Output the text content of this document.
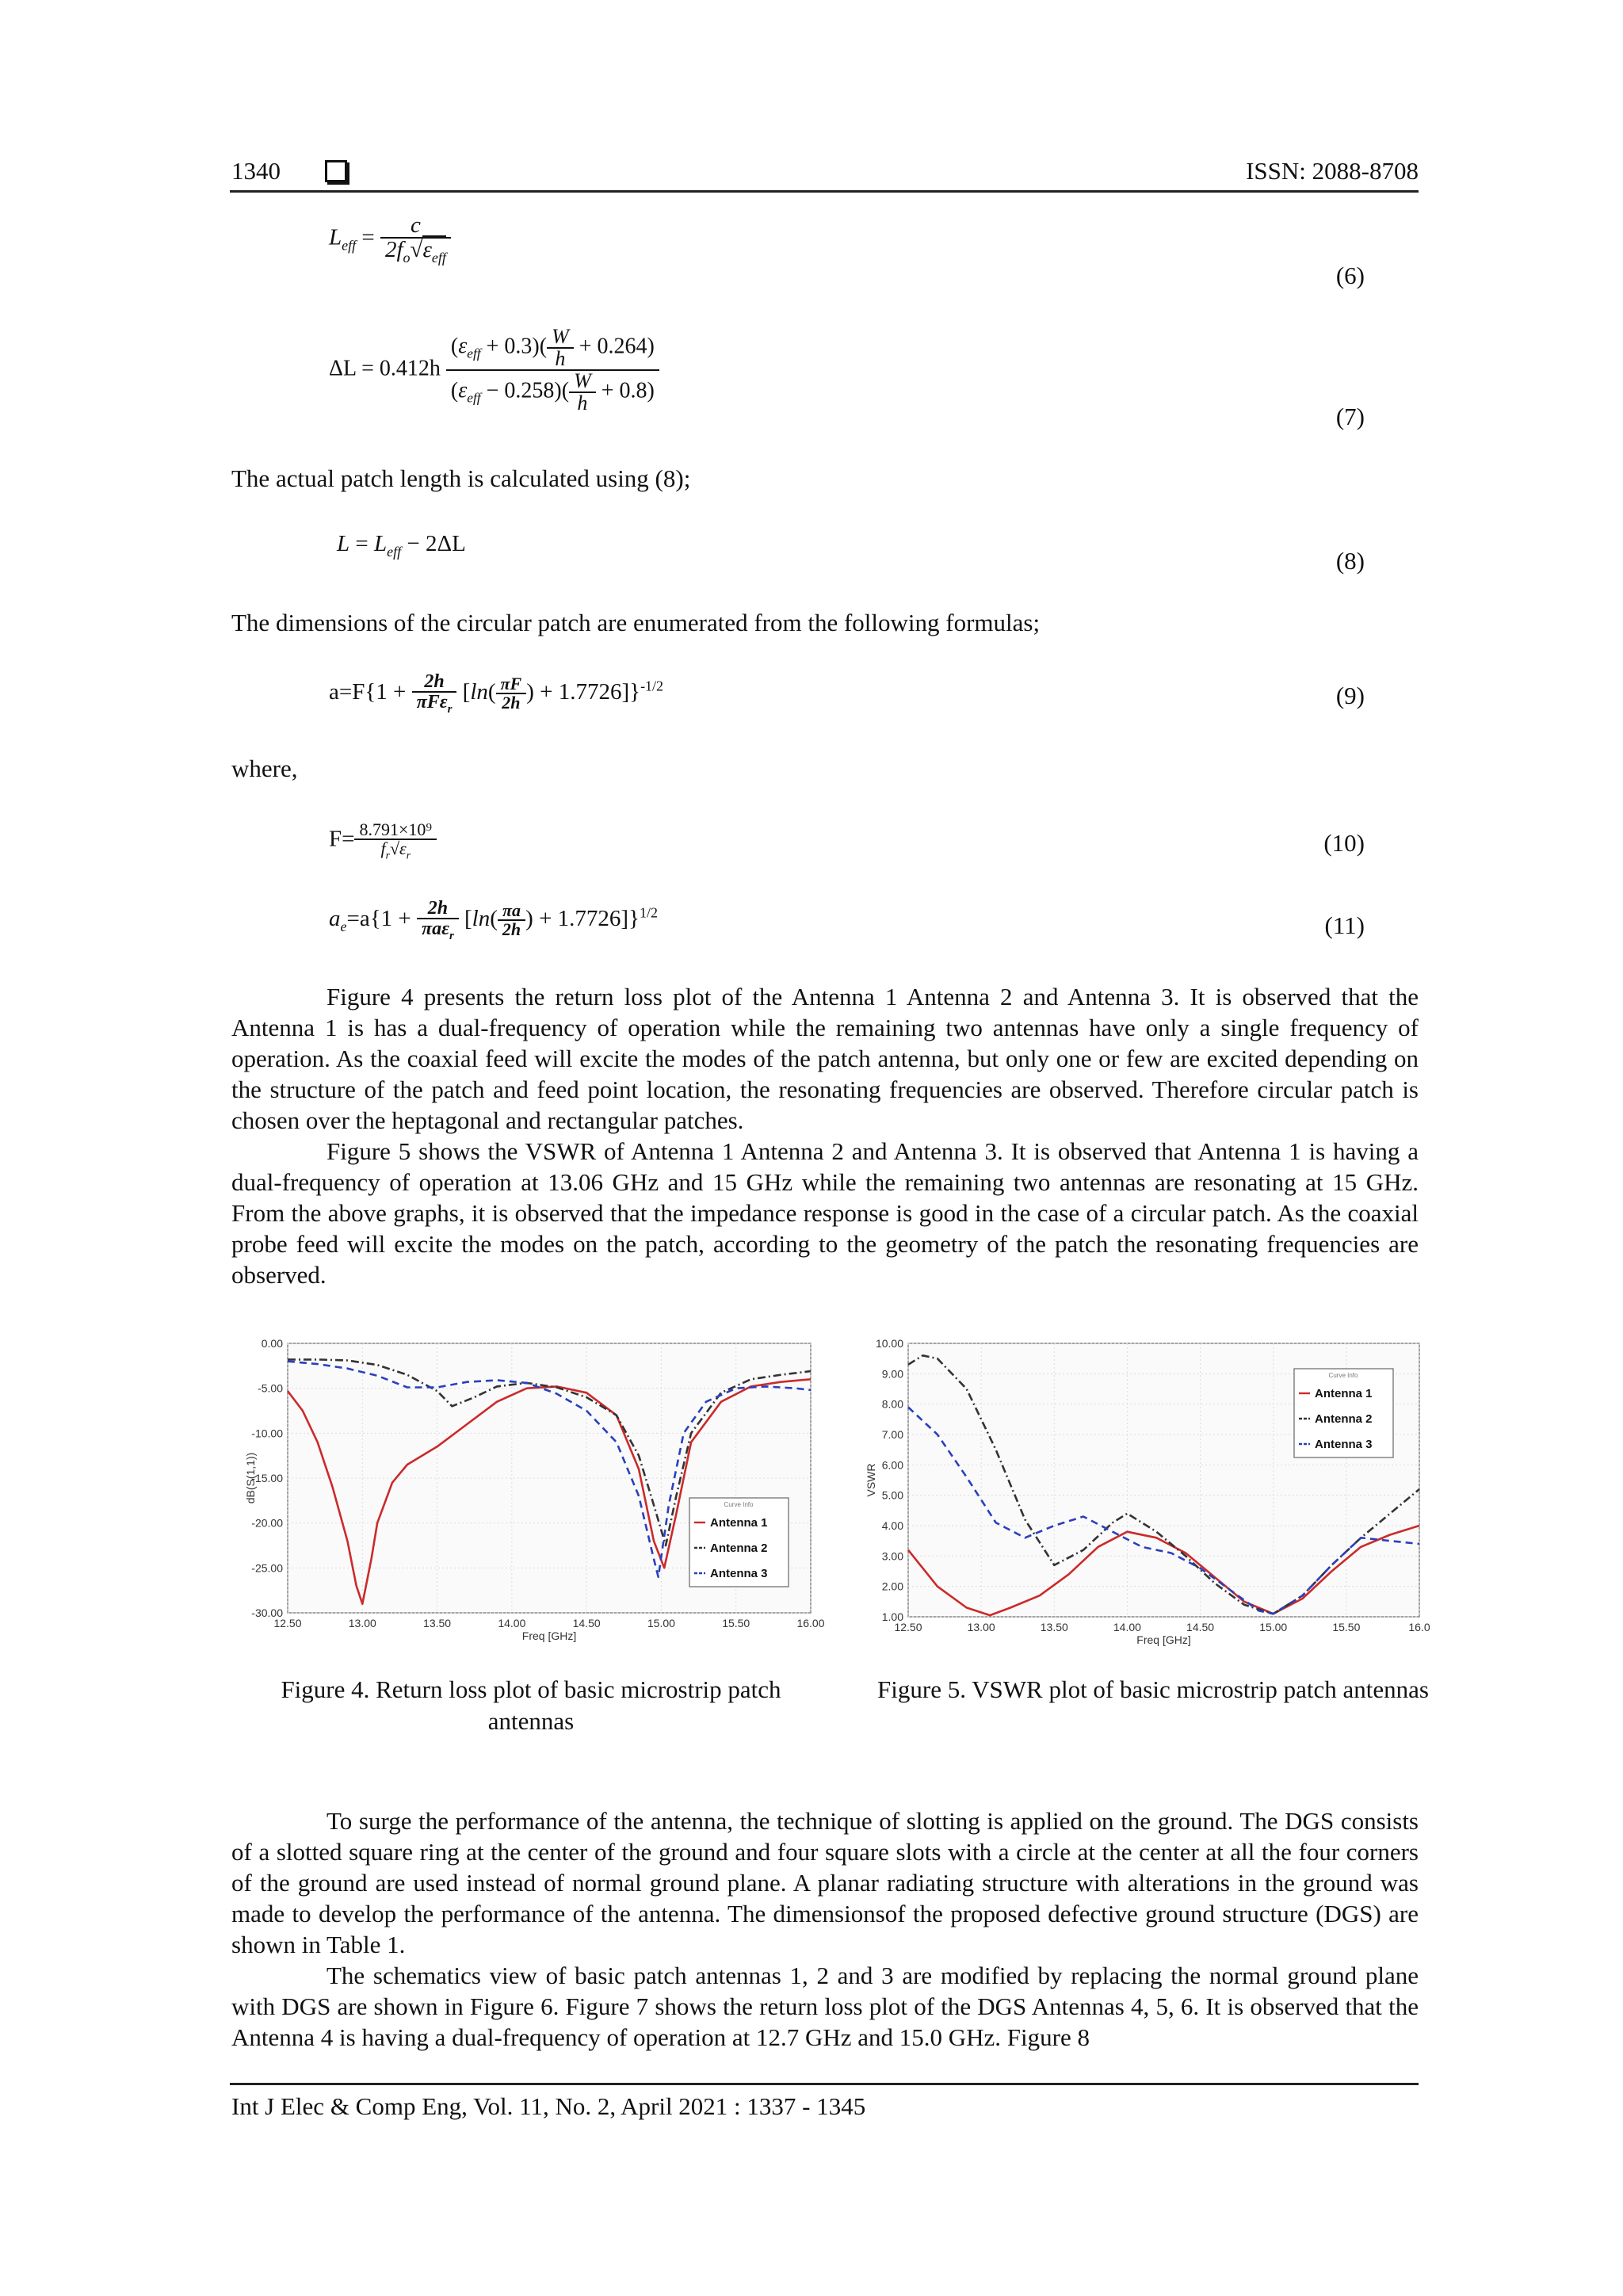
1340	ISSN: 2088-8708
$L_{eff} = \frac{c}{2f_o√\varepsilon_{eff}}$
(6)
$\Delta L = 0.412h \frac{(\varepsilon_{eff} + 0.3)( \frac{W}{h} + 0.264)}{(\varepsilon_{eff} - 0.258)( \frac{W}{h} + 0.8)}$
(7)
The actual patch length is calculated using (8);
$L = L_{eff} - 2\Delta L$
(8)
The dimensions of the circular patch are enumerated from the following formulas;
$a=F\{1 + \frac{2h}{\pi F\varepsilon_r} [\ln( \frac{\pi F}{2h}$ ) + 1.7726]}$^{-1/2}$	(9)
where,
$F= \frac{\text{8.791×10⁹}}{f_r√\varepsilon_r}$	(10)
$a_e=a\{1 + \frac{2h}{\pi a\varepsilon_r} [\ln( \frac{\pi a}{2h}$ ) + 1.7726]}$^{1/2}$	(11)

Figure 4 presents the return loss plot of the Antenna 1 Antenna 2 and Antenna 3. It is observed that the Antenna 1 is has a dual-frequency of operation while the remaining two antennas have only a single frequency of operation. As the coaxial feed will excite the modes of the patch antenna, but only one or few are excited depending on the structure of the patch and feed point location, the resonating frequencies are observed. Therefore circular patch is chosen over the heptagonal and rectangular patches.

Figure 5 shows the VSWR of Antenna 1 Antenna 2 and Antenna 3. It is observed that Antenna 1 is having a dual-frequency of operation at 13.06 GHz and 15 GHz while the remaining two antennas are resonating at 15 GHz. From the above graphs, it is observed that the impedance response is good in the case of a circular patch. As the coaxial probe feed will excite the modes on the patch, according to the geometry of the patch the resonating frequencies are observed.

12.50	13.00	13.50	14.00	14.50	15.00	15.50	16.00
0.00
-5.00
-10.00
-15.00
-20.00
-25.00
-30.00
Freq [GHz]
dB(S(1,1))
Curve Info
Antenna 1
Antenna 2
Antenna 3
12.50	13.00	13.50	14.00	14.50	15.00	15.50	16.0
10.00
9.00
8.00
7.00
6.00
5.00
4.00
3.00
2.00
1.00
Freq [GHz]
VSWR
Curve Info
Antenna 1
Antenna 2
Antenna 3
Figure 4. Return loss plot of basic microstrip patch antennas
Figure 5. VSWR plot of basic microstrip patch antennas

To surge the performance of the antenna, the technique of slotting is applied on the ground. The DGS consists of a slotted square ring at the center of the ground and four square slots with a circle at the center at all the four corners of the ground are used instead of normal ground plane. A planar radiating structure with alterations in the ground was made to develop the performance of the antenna. The dimensionsof the proposed defective ground structure (DGS) are shown in Table 1.

The schematics view of basic patch antennas 1, 2 and 3 are modified by replacing the normal ground plane with DGS are shown in Figure 6. Figure 7 shows the return loss plot of the DGS Antennas 4, 5, 6. It is observed that the Antenna 4 is having a dual-frequency of operation at 12.7 GHz and 15.0 GHz. Figure 8

Int J Elec & Comp Eng, Vol. 11, No. 2, April 2021 : 1337 - 1345
